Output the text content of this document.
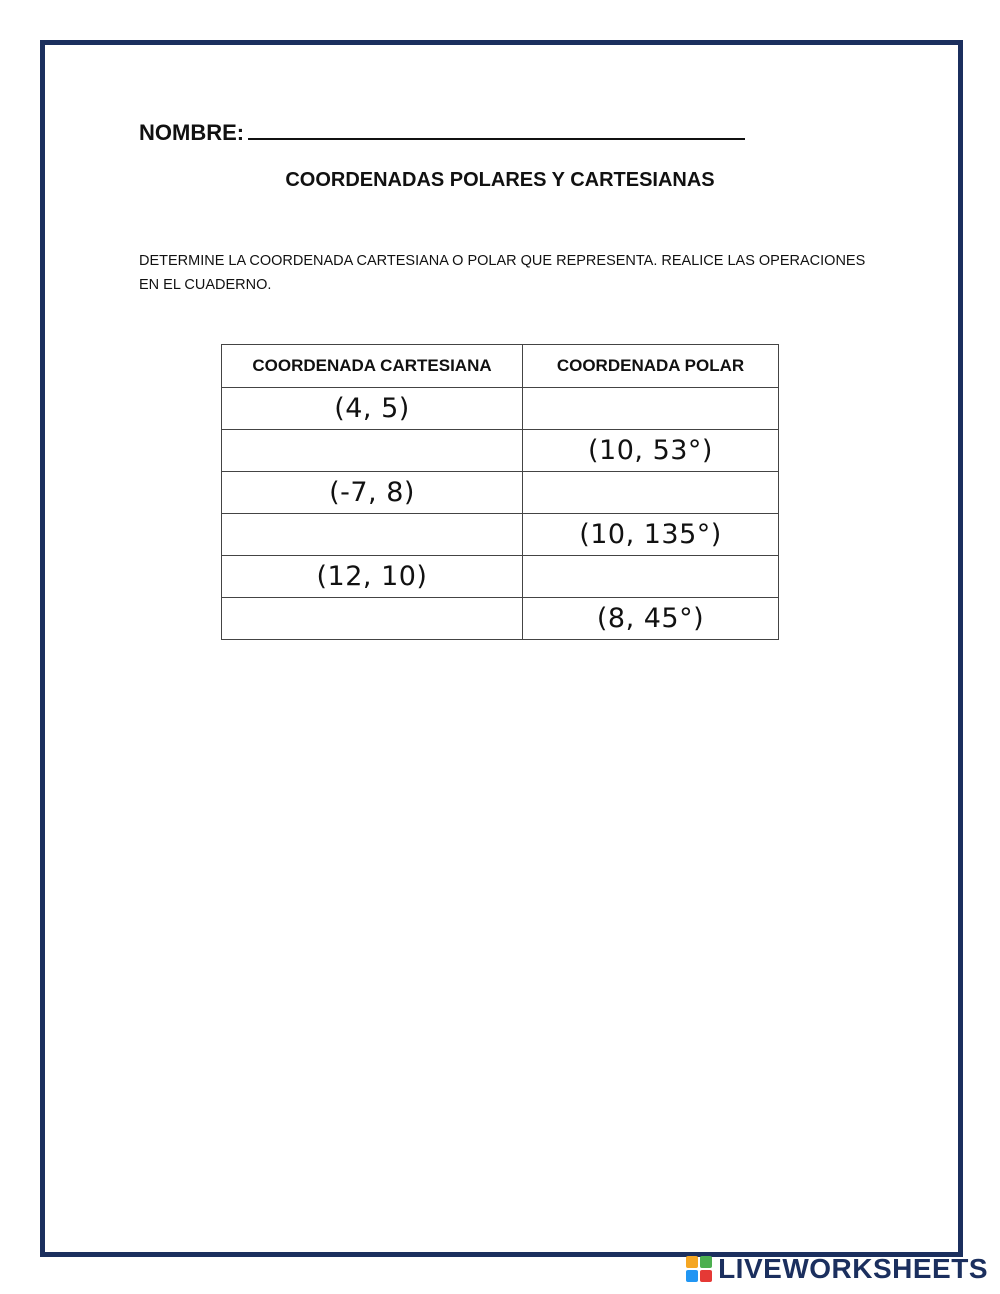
NOMBRE:
COORDENADAS POLARES Y CARTESIANAS
DETERMINE LA COORDENADA CARTESIANA O POLAR QUE REPRESENTA. REALICE LAS OPERACIONES EN EL CUADERNO.
COORDENADA CARTESIANA	COORDENADA POLAR
(4, 5)	
	(10, 53°)
(-7, 8)	
	(10, 135°)
(12, 10)	
	(8, 45°)
LIVEWORKSHEETS
